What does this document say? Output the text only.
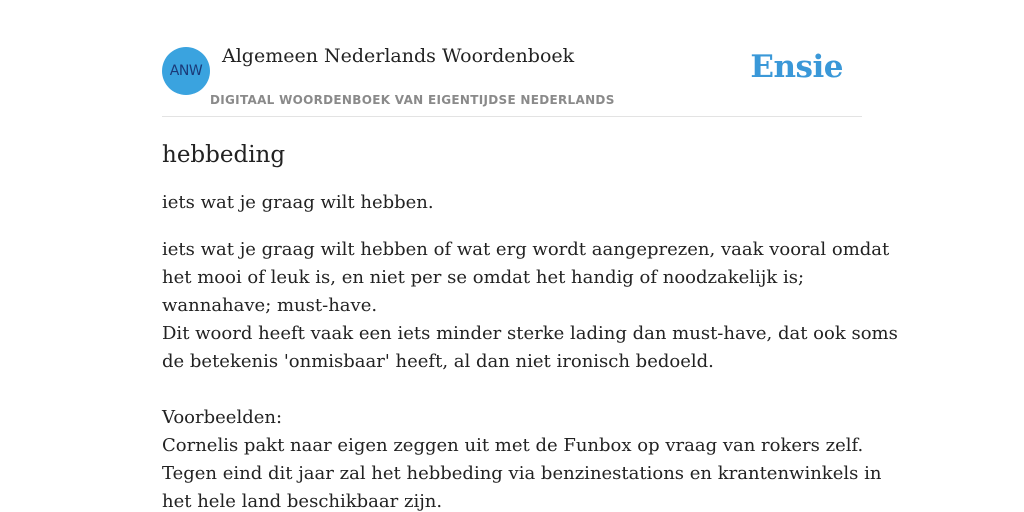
ANW
Algemeen Nederlands Woordenboek
DIGITAAL WOORDENBOEK VAN EIGENTIJDSE NEDERLANDS
Ensie
hebbeding

iets wat je graag wilt hebben.

iets wat je graag wilt hebben of wat erg wordt aangeprezen, vaak vooral omdat
het mooi of leuk is, en niet per se omdat het handig of noodzakelijk is;
wannahave; must-have.
Dit woord heeft vaak een iets minder sterke lading dan must-have, dat ook soms
de betekenis 'onmisbaar' heeft, al dan niet ironisch bedoeld.
Voorbeelden:
Cornelis pakt naar eigen zeggen uit met de Funbox op vraag van rokers zelf.
Tegen eind dit jaar zal het hebbeding via benzinestations en krantenwinkels in
het hele land beschikbaar zijn.
